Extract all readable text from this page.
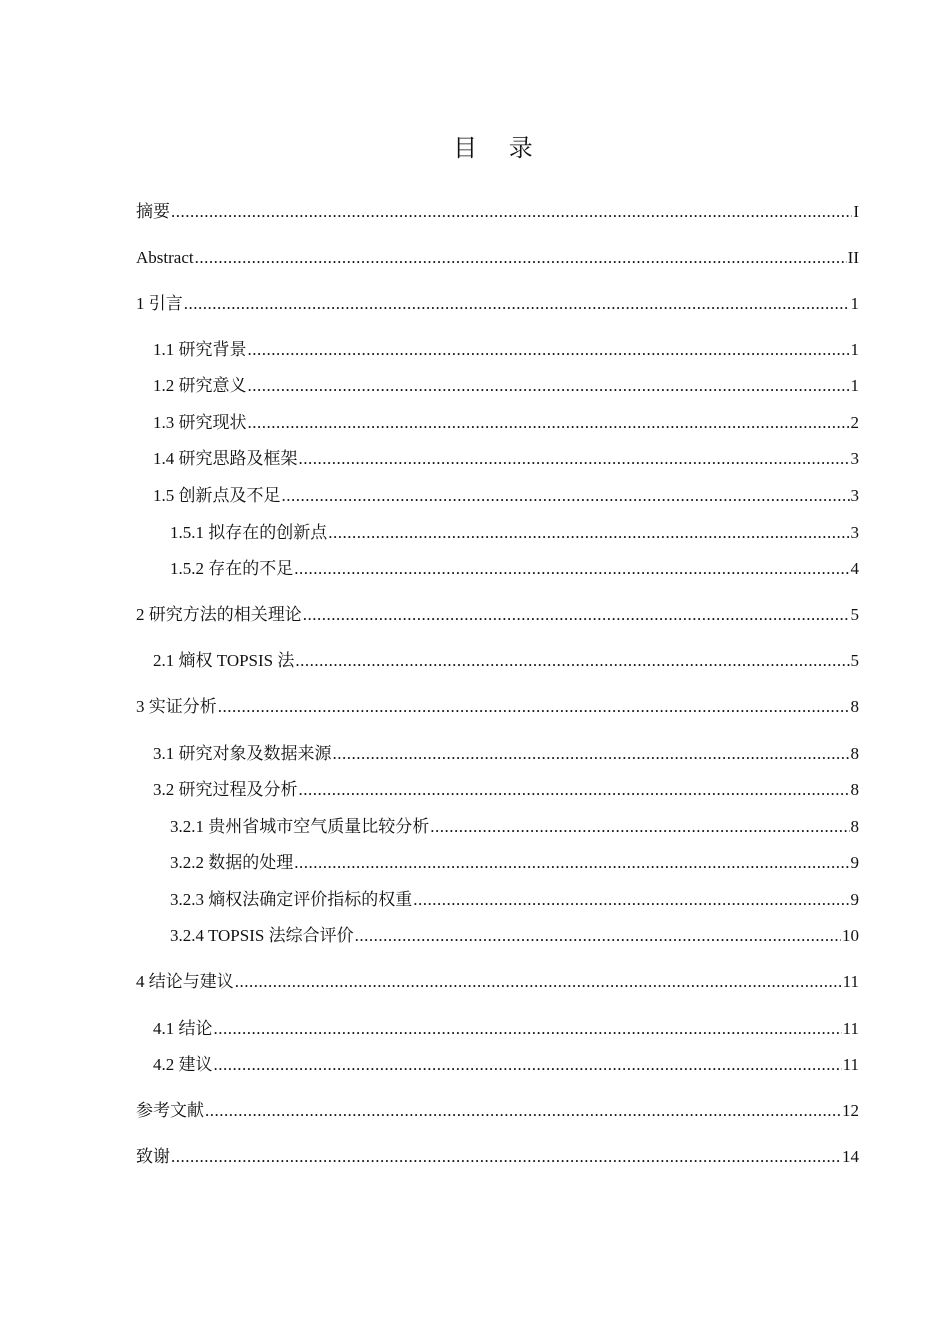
目 录
摘要 .....	I
Abstract .....	II
1 引言 .....	1
1.1 研究背景 .....	1
1.2 研究意义 .....	1
1.3 研究现状 .....	2
1.4 研究思路及框架 .....	3
1.5 创新点及不足 .....	3
1.5.1 拟存在的创新点 .....	3
1.5.2 存在的不足 .....	4
2 研究方法的相关理论 .....	5
2.1 熵权 TOPSIS 法 .....	5
3 实证分析 .....	8
3.1 研究对象及数据来源 .....	8
3.2 研究过程及分析 .....	8
3.2.1 贵州省城市空气质量比较分析 .....	8
3.2.2 数据的处理 .....	9
3.2.3 熵权法确定评价指标的权重 .....	9
3.2.4 TOPSIS 法综合评价 .....	10
4 结论与建议 .....	11
4.1 结论 .....	11
4.2 建议 .....	11
参考文献 .....	12
致谢 .....	14
